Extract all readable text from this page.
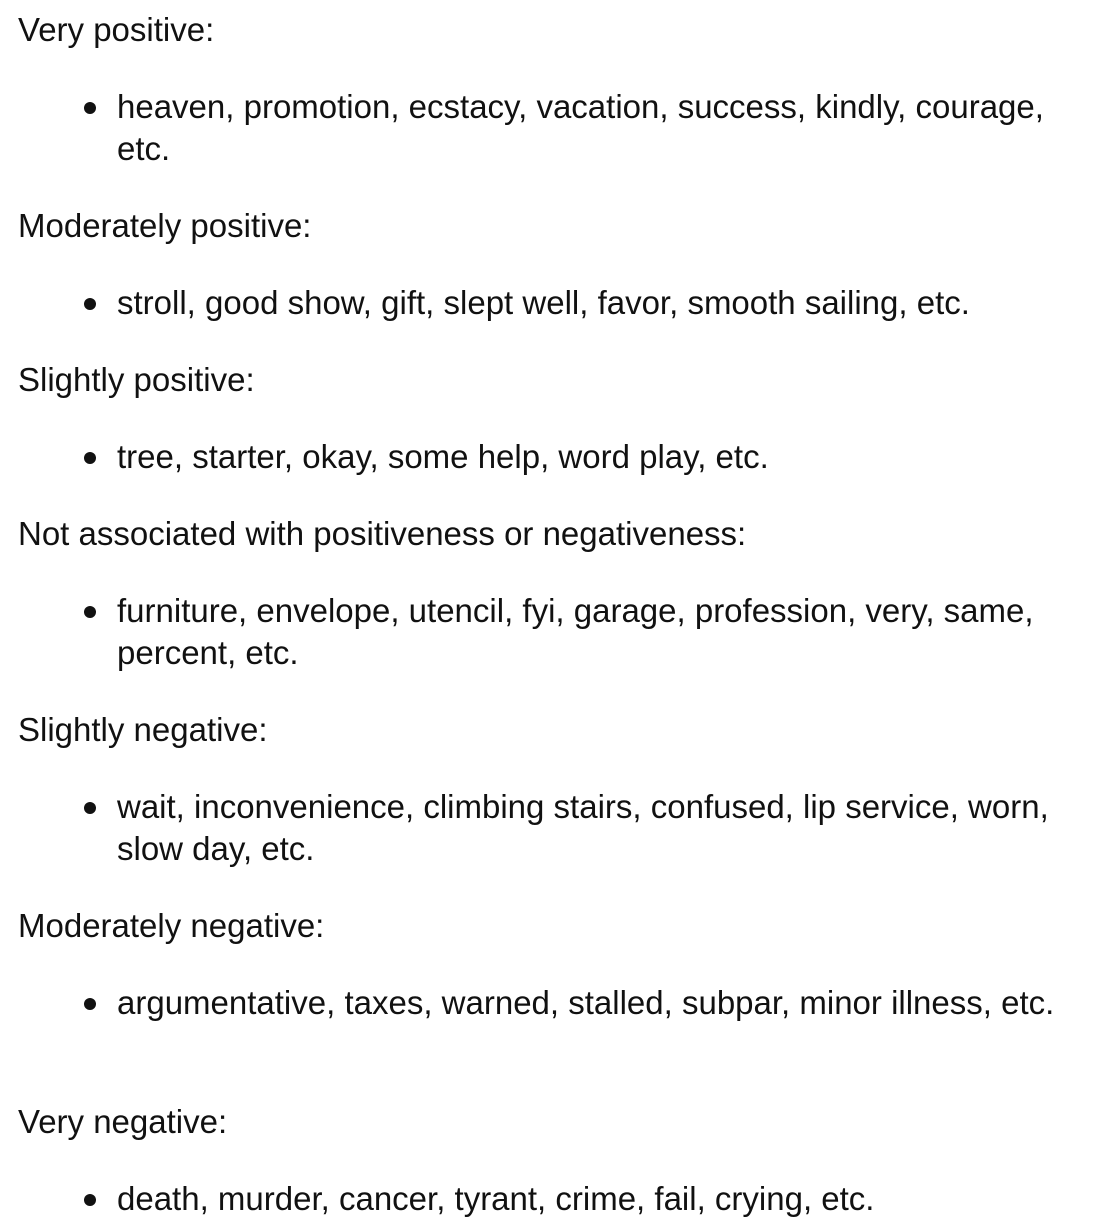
Very positive:

heaven, promotion, ecstacy, vacation, success, kindly, courage, etc.

Moderately positive:

stroll, good show, gift, slept well, favor, smooth sailing, etc.

Slightly positive:

tree, starter, okay, some help, word play, etc.

Not associated with positiveness or negativeness:

furniture, envelope, utencil, fyi, garage, profession, very, same, percent, etc.

Slightly negative:

wait, inconvenience, climbing stairs, confused, lip service, worn, slow day, etc.

Moderately negative:

argumentative, taxes, warned, stalled, subpar, minor illness, etc.

Very negative:

death, murder, cancer, tyrant, crime, fail, crying, etc.
